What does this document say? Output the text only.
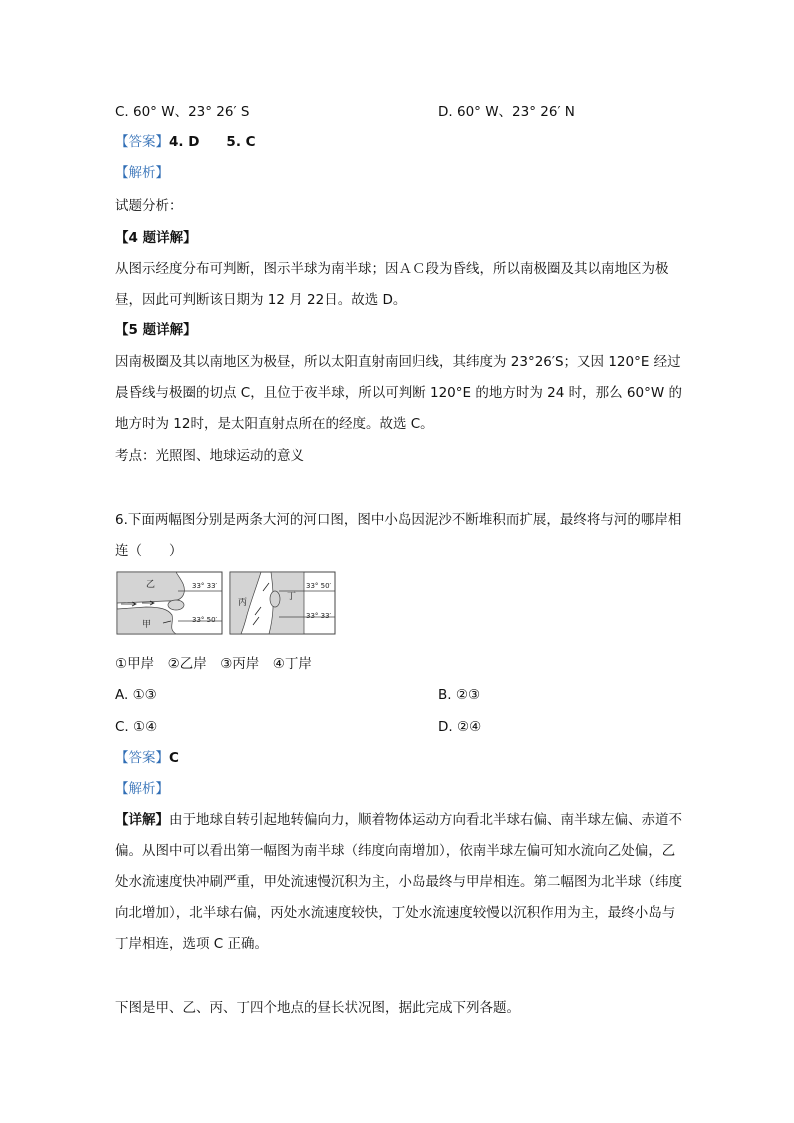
C. 60° W、23° 26′ S	D. 60° W、23° 26′ N
【答案】4. D　　5. C
【解析】
试题分析：
【4 题详解】
从图示经度分布可判断，图示半球为南半球；因ＡＣ段为昏线，所以南极圈及其以南地区为极昼，因此可判断该日期为 12 月 22日。故选 D。
【5 题详解】
因南极圈及其以南地区为极昼，所以太阳直射南回归线，其纬度为 23°26′S；又因 120°E 经过晨昏线与极圈的切点 C，且位于夜半球，所以可判断 120°E 的地方时为 24 时，那么 60°W 的地方时为 12时，是太阳直射点所在的经度。故选 C。
考点：光照图、地球运动的意义
6.下面两幅图分别是两条大河的河口图，图中小岛因泥沙不断堆积而扩展，最终将与河的哪岸相连（　　）
乙
甲
33° 33′
33° 50′
丙
丁
33° 50′
33° 33′
①甲岸　②乙岸　③丙岸　④丁岸
A. ①③	B. ②③
C. ①④	D. ②④
【答案】C
【解析】
【详解】由于地球自转引起地转偏向力，顺着物体运动方向看北半球右偏、南半球左偏、赤道不偏。从图中可以看出第一幅图为南半球（纬度向南增加），依南半球左偏可知水流向乙处偏，乙处水流速度快冲刷严重，甲处流速慢沉积为主，小岛最终与甲岸相连。第二幅图为北半球（纬度向北增加），北半球右偏，丙处水流速度较快，丁处水流速度较慢以沉积作用为主，最终小岛与丁岸相连，选项 C 正确。
下图是甲、乙、丙、丁四个地点的昼长状况图，据此完成下列各题。
